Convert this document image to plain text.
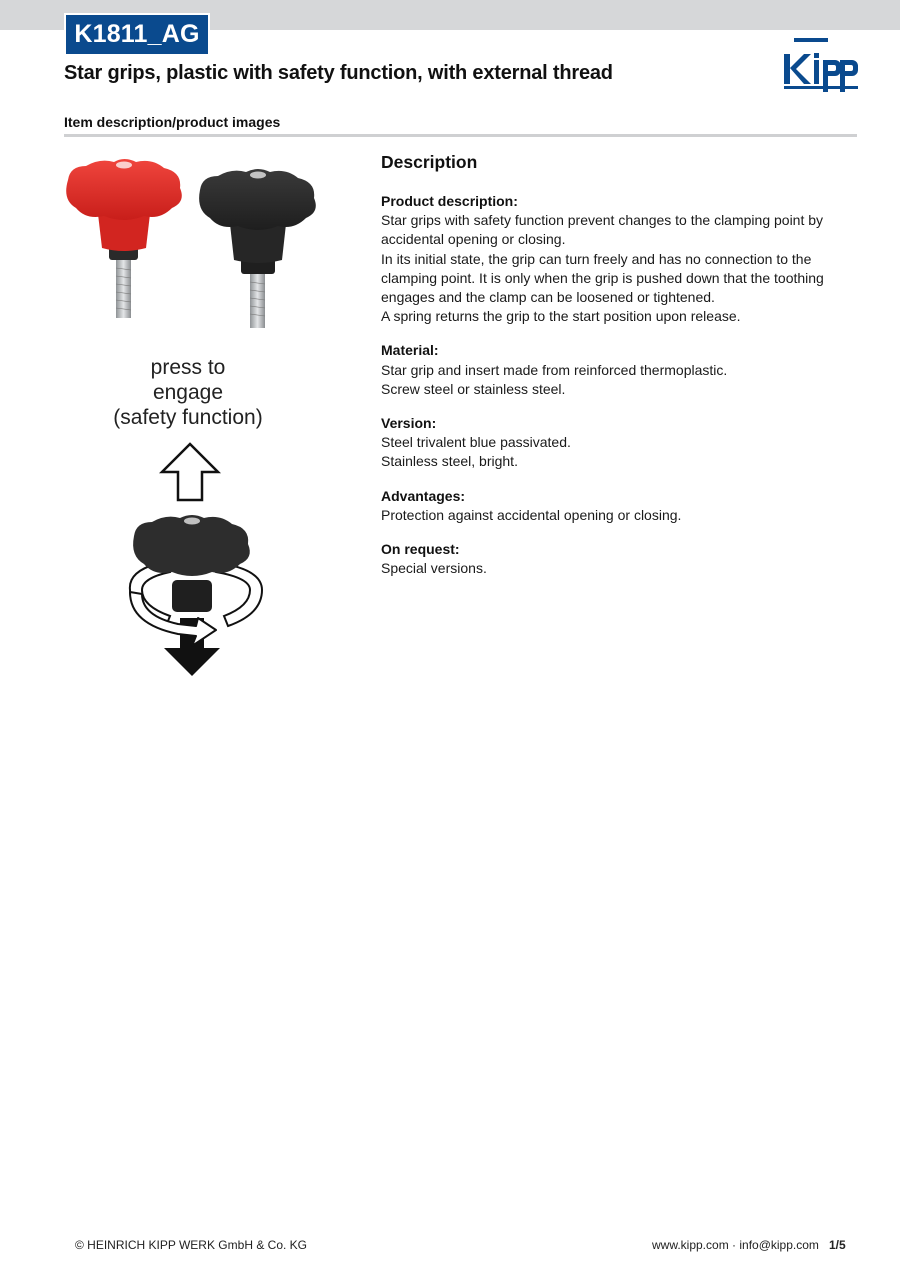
K1811_AG
Star grips, plastic with safety function, with external thread
Item description/product images
press to
engage
(safety function)
Description
Product description:

Star grips with safety function prevent changes to the clamping point by accidental opening or closing.

In its initial state, the grip can turn freely and has no connection to the clamping point. It is only when the grip is pushed down that the toothing engages and the clamp can be loosened or tightened.

A spring returns the grip to the start position upon release.

Material:

Star grip and insert made from reinforced thermoplastic.

Screw steel or stainless steel.

Version:

Steel trivalent blue passivated.

Stainless steel, bright.

Advantages:

Protection against accidental opening or closing.

On request:

Special versions.

© HEINRICH KIPP WERK GmbH & Co. KG	www.kipp.com · info@kipp.com 1/5
